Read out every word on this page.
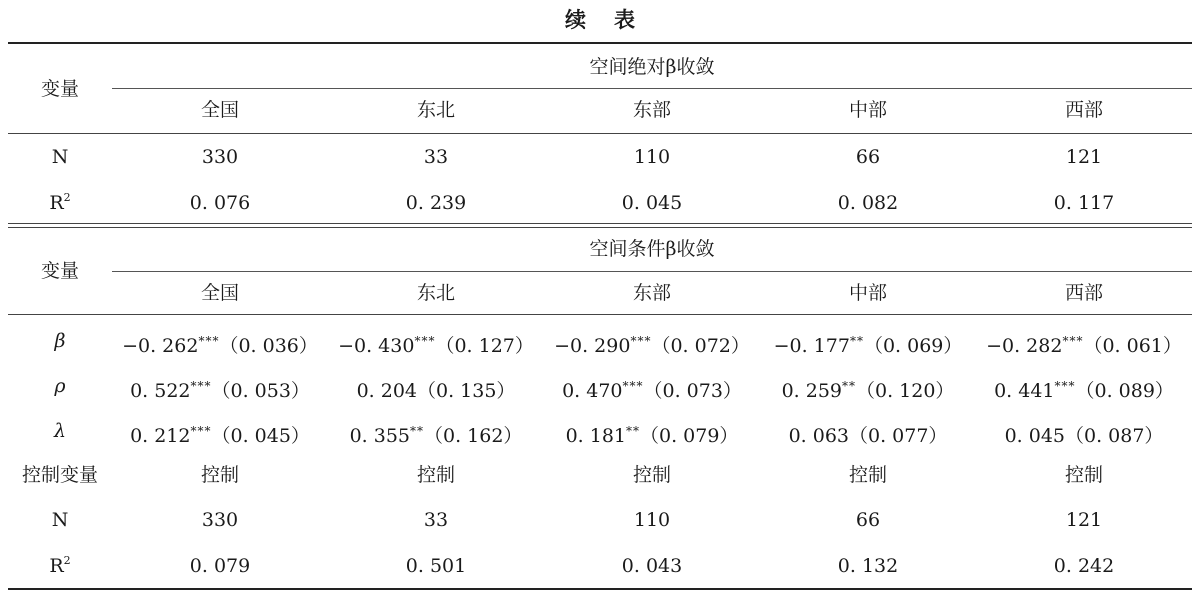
续表
变量
空间绝对β收敛
全国	东北	东部	中部	西部
N	330	33	110	66	121
$R^2$	0. 076	0. 239	0. 045	0. 082	0. 117
变量
空间条件β收敛
全国	东北	东部	中部	西部
β	−0. 262***（0. 036）	−0. 430***（0. 127）	−0. 290***（0. 072）	−0. 177**（0. 069）	−0. 282***（0. 061）
ρ	0. 522***（0. 053）	0. 204（0. 135）	0. 470***（0. 073）	0. 259**（0. 120）	0. 441***（0. 089）
λ	0. 212***（0. 045）	0. 355**（0. 162）	0. 181**（0. 079）	0. 063（0. 077）	0. 045（0. 087）
控制变量	控制	控制	控制	控制	控制
N	330	33	110	66	121
$R^2$	0. 079	0. 501	0. 043	0. 132	0. 242
